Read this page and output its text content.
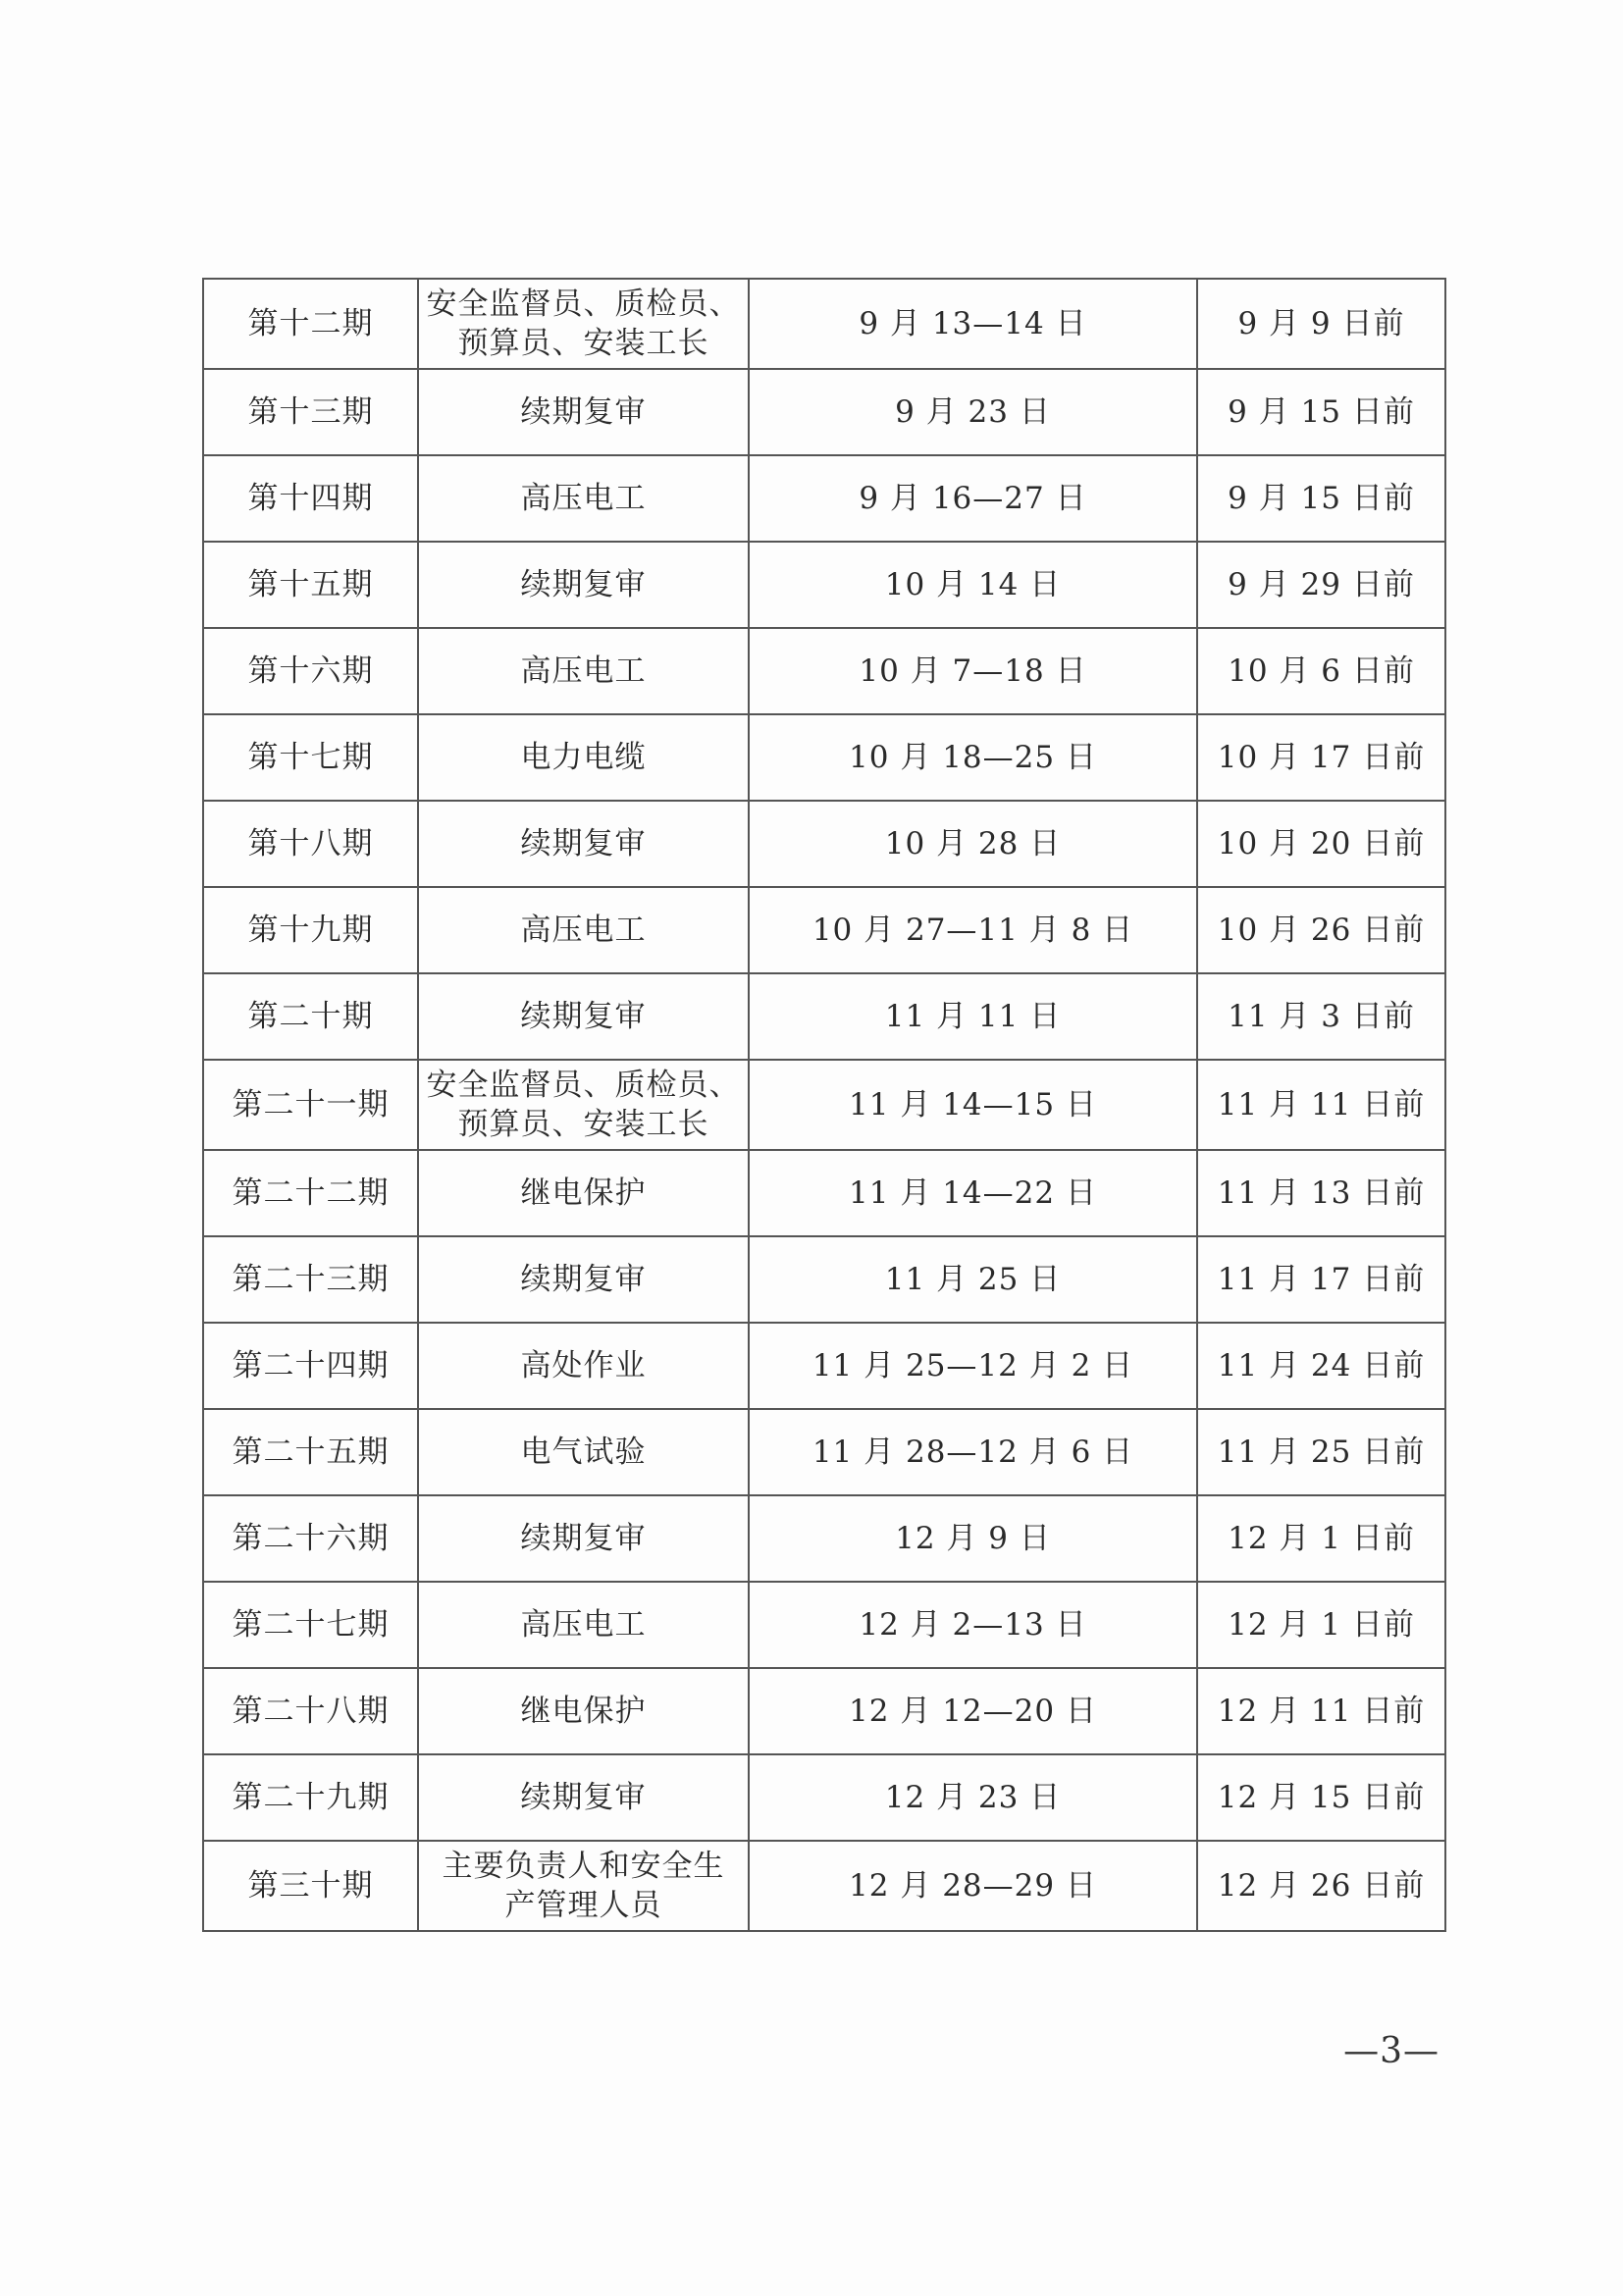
第十二期	安全监督员、质检员、
预算员、安装工长	9 月 13—14 日	9 月 9 日前

第十三期	续期复审	9 月 23 日	9 月 15 日前

第十四期	高压电工	9 月 16—27 日	9 月 15 日前

第十五期	续期复审	10 月 14 日	9 月 29 日前

第十六期	高压电工	10 月 7—18 日	10 月 6 日前

第十七期	电力电缆	10 月 18—25 日	10 月 17 日前

第十八期	续期复审	10 月 28 日	10 月 20 日前

第十九期	高压电工	10 月 27—11 月 8 日	10 月 26 日前

第二十期	续期复审	11 月 11 日	11 月 3 日前

第二十一期	安全监督员、质检员、
预算员、安装工长	11 月 14—15 日	11 月 11 日前

第二十二期	继电保护	11 月 14—22 日	11 月 13 日前

第二十三期	续期复审	11 月 25 日	11 月 17 日前

第二十四期	高处作业	11 月 25—12 月 2 日	11 月 24 日前

第二十五期	电气试验	11 月 28—12 月 6 日	11 月 25 日前

第二十六期	续期复审	12 月 9 日	12 月 1 日前

第二十七期	高压电工	12 月 2—13 日	12 月 1 日前

第二十八期	继电保护	12 月 12—20 日	12 月 11 日前

第二十九期	续期复审	12 月 23 日	12 月 15 日前

第三十期	主要负责人和安全生
产管理人员	12 月 28—29 日	12 月 26 日前
—3—
